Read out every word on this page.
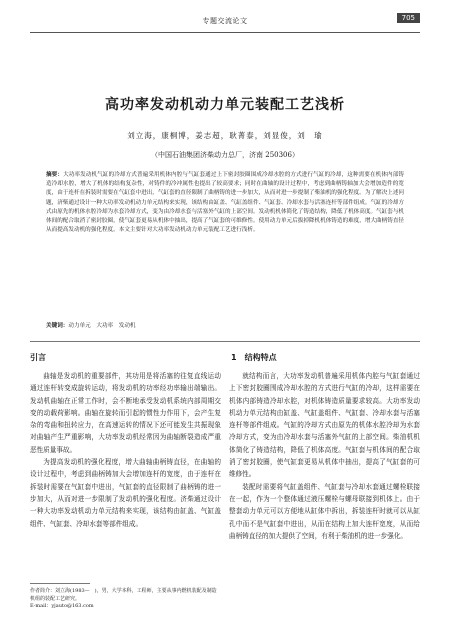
专题交流论文	705
高功率发动机动力单元装配工艺浅析
刘立海，康桐博，姜志超，耿菁泰，刘显俊，刘　瑜
（中国石油集团济柴动力总厂，济南 250306）
摘要：大功率发动机气缸的冷却方式普遍采用机体内腔与气缸套通过上下密封胶圈围成冷却水腔的方式进行气缸的冷却，这种需要在机体内部铸造冷却水腔，增大了机体的结构复杂性，对铸件的冷冲属性也提出了较高要求；同时在曲轴的设计过程中，考虑到曲柄铸轴加大会增加造件的宽度，由于连杆在拆装时需要在气缸套中进出，气缸套的直径限制了曲柄铸的进一步加大，从而对进一步提制了柴油机的强化程度。为了解决上述问题，济柴通过设计一种大功率发动机动力单元结构来实现，该结构由缸盖、气缸盖组件、气缸套、冷却水套与活塞连杆等部件组成。气缸的冷却方式由原先的机体水腔冷却为水套冷却方式，变为由冷却水套与活塞外气缸的上部空间。发动机机体简化了铸造结构，降低了机体高度。气缸套与机体间的配合取消了密封胶圈，使气缸套更易从机体中抽出，提高了气缸套的可维修性。使用动力单元后拔掉降机机体铸造的难度，增大曲柄铸直径从而提高发动机的强化程度。本文主要针对大功率发动机动力单元装配工艺进行浅析。
关键词：动力单元　大功率　发动机
引言

曲轴是发动机的重要部件，其功用是将活塞的往复直线运动通过连杆转变成旋转运动，将发动机的功率经功率输出端输出。发动机曲轴在正常工作时，会不断地承受发动机系统内部周期交变的动载荷影响。曲轴在旋转而引起的惯性力作用下，会产生复杂的弯曲和扭转应力，在高速运转的情况下还可能发生共振现象对曲轴产生严重影响，大功率发动机经常因为曲轴断裂造成严重恶性质量事故。

为提高发动机的强化程度，增大曲轴曲柄铸直径，在曲轴的设计过程中，考虑到曲柄铸加大会增加连杆的宽度，由于连杆在拆装时需要在气缸套中进出，气缸套的直径限制了曲柄铸的进一步加大，从而对进一步限制了发动机的强化程度。济柴通过设计一种大功率发动机动力单元结构来实现，该结构由缸盖、气缸盖组件、气缸套、冷却水套等部件组成。

1　结构特点

就结构而言，大功率发动机普遍采用机体内腔与气缸套通过上下密封胶圈围成冷却水腔的方式进行气缸的冷却，这样需要在机体内部铸造冷却水腔，对机体铸造质量要求较高。大功率发动机动力单元结构由缸盖、气缸盖组件、气缸套、冷却水套与活塞连杆等部件组成。气缸的冷却方式由原先的机体水腔冷却为水套冷却方式，变为由冷却水套与活塞外气缸的上部空间。柴油机机体简化了铸造结构，降低了机体高度。气缸套与机体间的配合取消了密封胶圈，使气缸套更易从机体中抽出，提高了气缸套的可维修性。

装配时需要将气缸盖组件、气缸套与冷却水套通过螺栓联接在一起，作为一个整体通过液压螺栓与螺母联接到机体上。由于整套动力单元可以方便地从缸体中拆出，拆装连杆时就可以从缸孔中而不是气缸套中进出，从而在结构上加大连杆宽度，从而给曲柄铸直径的加大提供了空间，有利于柴油机的进一步强化。

作者简介：刘立海(1983—　)，男，大学本科，工程师，主要从事内燃机装配及制造机组的装配工艺研究。
E-mail：yjauto@163.com
